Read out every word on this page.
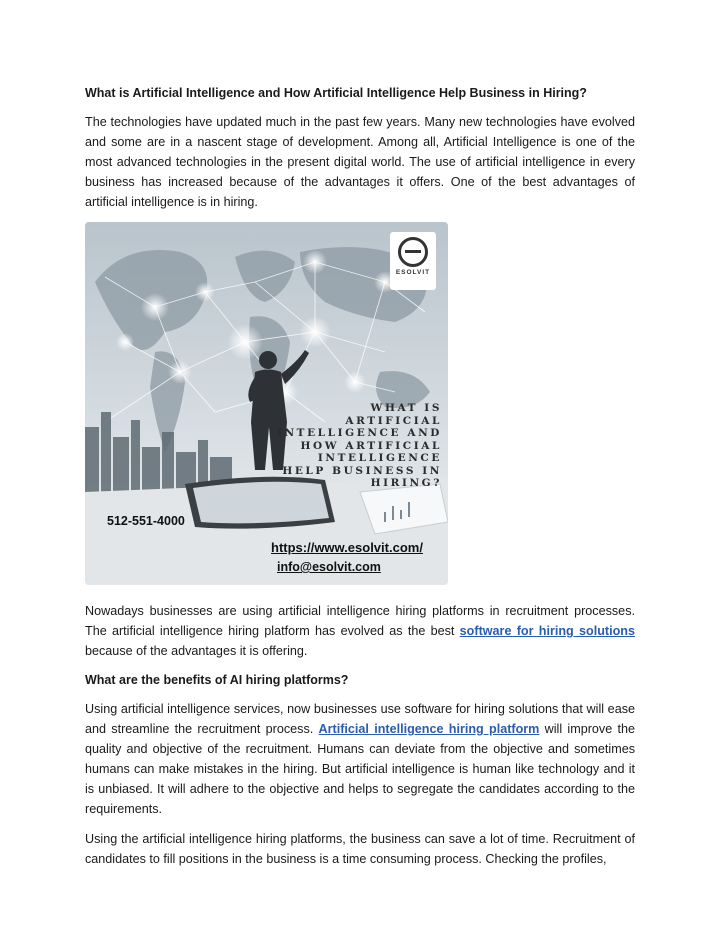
What is Artificial Intelligence and How Artificial Intelligence Help Business in Hiring?

The technologies have updated much in the past few years. Many new technologies have evolved and some are in a nascent stage of development. Among all, Artificial Intelligence is one of the most advanced technologies in the present digital world. The use of artificial intelligence in every business has increased because of the advantages it offers. One of the best advantages of artificial intelligence is in hiring.

ESOLVIT
WHAT IS
ARTIFICIAL
INTELLIGENCE AND
HOW ARTIFICIAL
INTELLIGENCE
HELP BUSINESS IN
HIRING?
512-551-4000
https://www.esolvit.com/
info@esolvit.com

Nowadays businesses are using artificial intelligence hiring platforms in recruitment processes. The artificial intelligence hiring platform has evolved as the best software for hiring solutions because of the advantages it is offering.

What are the benefits of AI hiring platforms?

Using artificial intelligence services, now businesses use software for hiring solutions that will ease and streamline the recruitment process. Artificial intelligence hiring platform will improve the quality and objective of the recruitment. Humans can deviate from the objective and sometimes humans can make mistakes in the hiring. But artificial intelligence is human like technology and it is unbiased. It will adhere to the objective and helps to segregate the candidates according to the requirements.

Using the artificial intelligence hiring platforms, the business can save a lot of time. Recruitment of candidates to fill positions in the business is a time consuming process. Checking the profiles,
